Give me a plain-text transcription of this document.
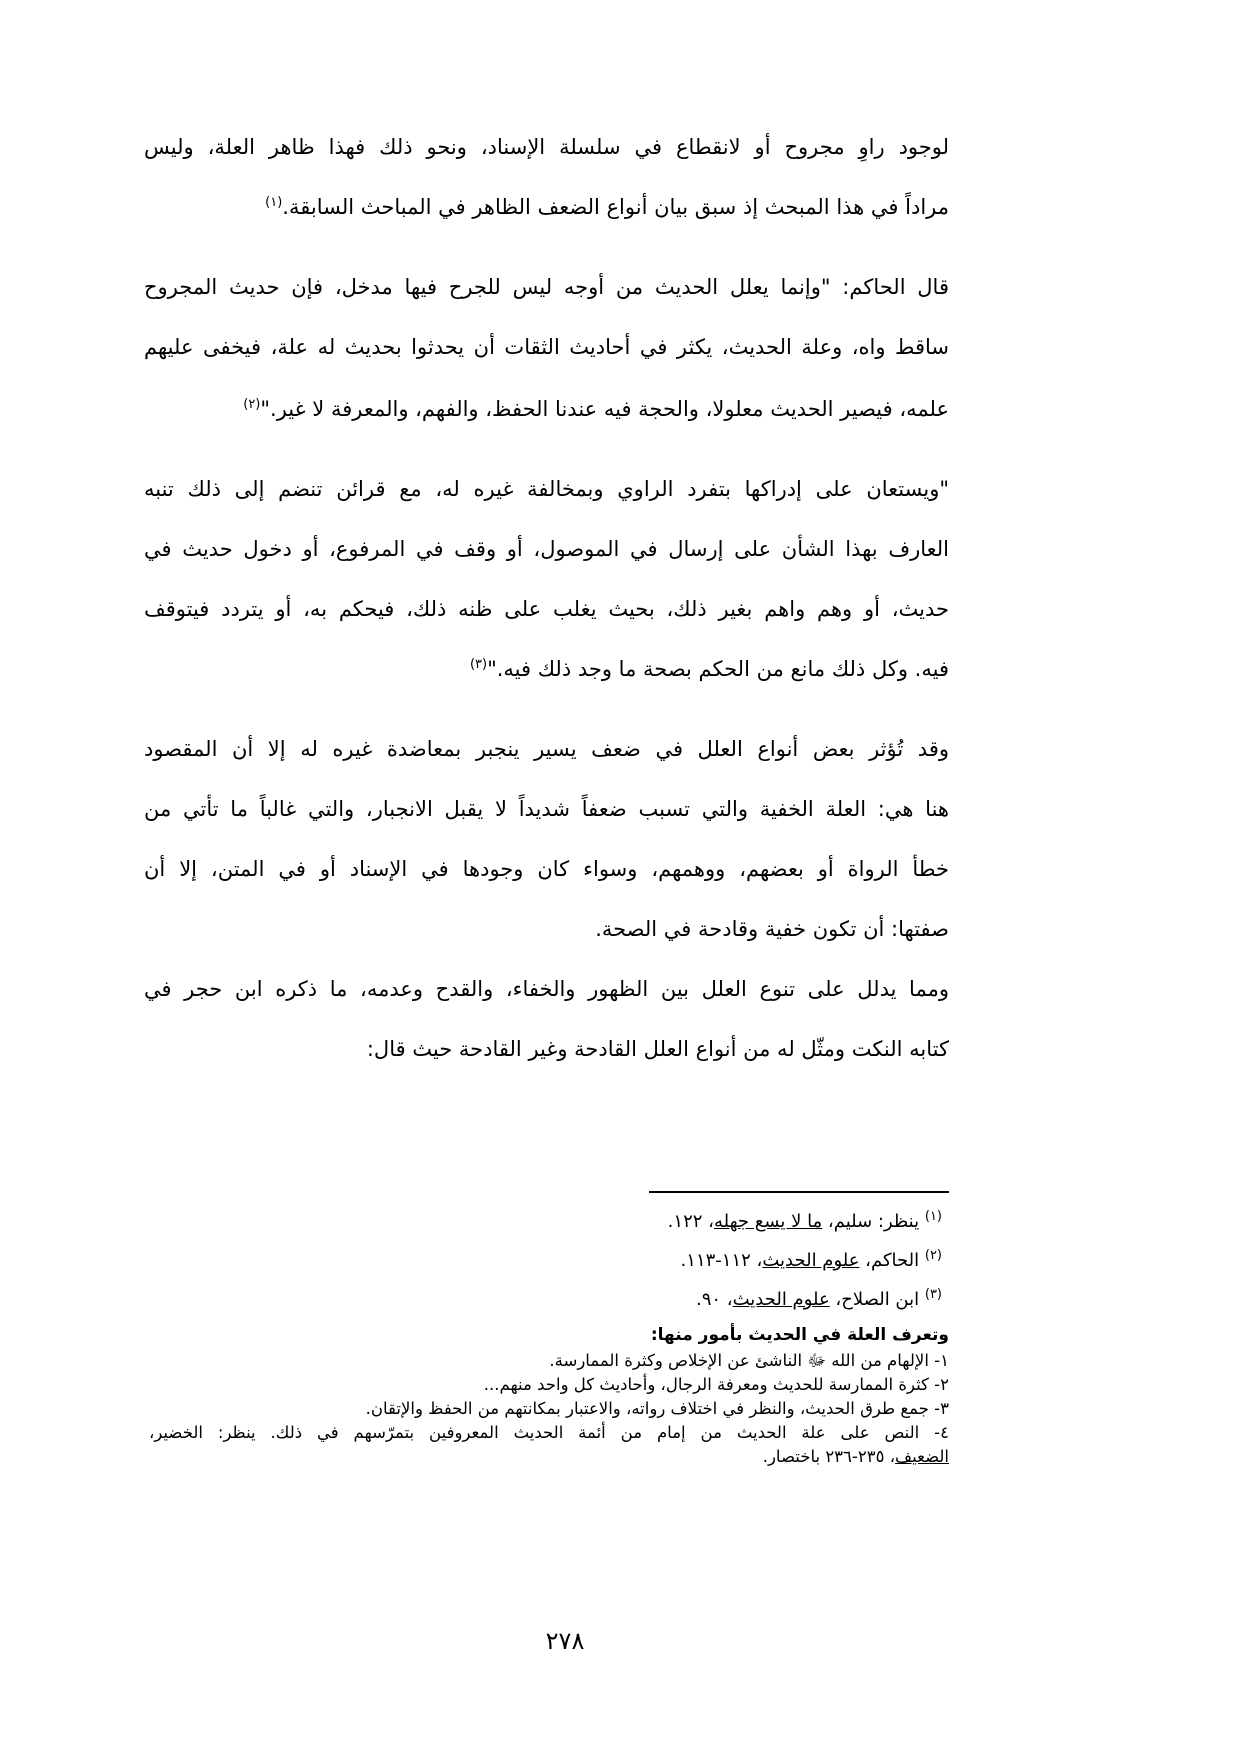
لوجود راوٍ مجروح أو لانقطاع في سلسلة الإسناد، ونحو ذلك فهذا ظاهر العلة، وليس
مراداً في هذا المبحث إذ سبق بيان أنواع الضعف الظاهر في المباحث السابقة.$^{(١)}$
قال الحاكم: "وإنما يعلل الحديث من أوجه ليس للجرح فيها مدخل، فإن حديث المجروح
ساقط واه، وعلة الحديث، يكثر في أحاديث الثقات أن يحدثوا بحديث له علة، فيخفى عليهم
علمه، فيصير الحديث معلولا، والحجة فيه عندنا الحفظ، والفهم، والمعرفة لا غير."$^{(٢)}$
"ويستعان على إدراكها بتفرد الراوي وبمخالفة غيره له، مع قرائن تنضم إلى ذلك تنبه
العارف بهذا الشأن على إرسال في الموصول، أو وقف في المرفوع، أو دخول حديث في
حديث، أو وهم واهم بغير ذلك، بحيث يغلب على ظنه ذلك، فيحكم به، أو يتردد فيتوقف
فيه. وكل ذلك مانع من الحكم بصحة ما وجد ذلك فيه."$^{(٣)}$
وقد تُؤثر بعض أنواع العلل في ضعف يسير ينجبر بمعاضدة غيره له إلا أن المقصود
هنا هي: العلة الخفية والتي تسبب ضعفاً شديداً لا يقبل الانجبار، والتي غالباً ما تأتي من
خطأ الرواة أو بعضهم، ووهمهم، وسواء كان وجودها في الإسناد أو في المتن، إلا أن
صفتها: أن تكون خفية وقادحة في الصحة.
ومما يدلل على تنوع العلل بين الظهور والخفاء، والقدح وعدمه، ما ذكره ابن حجر في
كتابه النكت ومثّل له من أنواع العلل القادحة وغير القادحة حيث قال:
$^{(١)}$ ينظر: سليم، ما لا يسع جهله، ١٢٢.
$^{(٢)}$ الحاكم، علوم الحديث، ١١٢-١١٣.
$^{(٣)}$ ابن الصلاح، علوم الحديث، ٩٠.
وتعرف العلة في الحديث بأمور منها:
١- الإلهام من الله ﷻ الناشئ عن الإخلاص وكثرة الممارسة.
٢- كثرة الممارسة للحديث ومعرفة الرجال، وأحاديث كل واحد منهم...
٣- جمع طرق الحديث، والنظر في اختلاف رواته، والاعتبار بمكانتهم من الحفظ والإتقان.
٤- النص على علة الحديث من إمام من أئمة الحديث المعروفين بتمرّسهم في ذلك. ينظر: الخضير،
الضعيف، ٢٣٥-٢٣٦ باختصار.
٢٧٨
